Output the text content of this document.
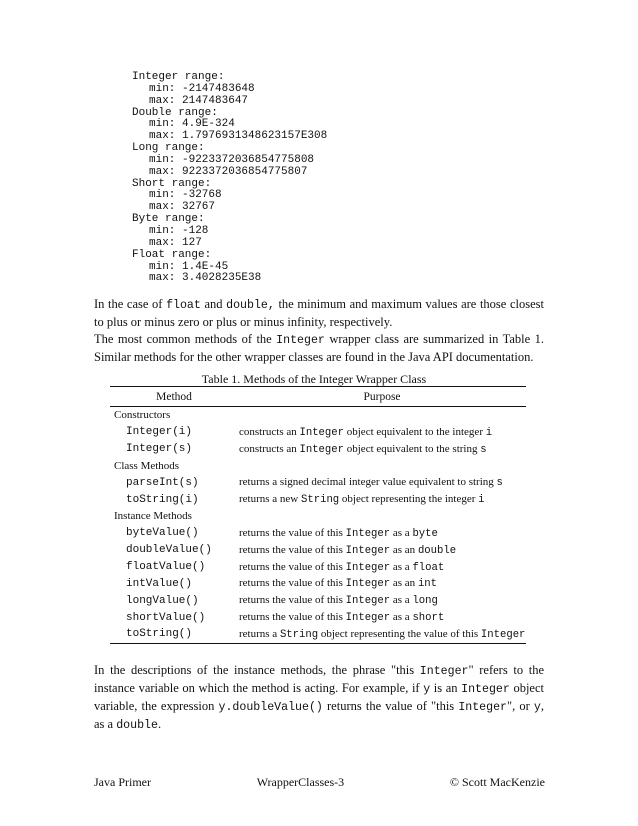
Integer range:
min: -2147483648
max: 2147483647
Double range:
min: 4.9E-324
max: 1.7976931348623157E308
Long range:
min: -9223372036854775808
max: 9223372036854775807
Short range:
min: -32768
max: 32767
Byte range:
min: -128
max: 127
Float range:
min: 1.4E-45
max: 3.4028235E38

In the case of float and double, the minimum and maximum values are those closest to plus or minus zero or plus or minus infinity, respectively.

The most common methods of the Integer wrapper class are summarized in Table 1. Similar methods for the other wrapper classes are found in the Java API documentation.

Table 1. Methods of the Integer Wrapper Class
Method	Purpose
Constructors
Integer(i)	constructs an Integer object equivalent to the integer i
Integer(s)	constructs an Integer object equivalent to the string s
Class Methods
parseInt(s)	returns a signed decimal integer value equivalent to string s
toString(i)	returns a new String object representing the integer i
Instance Methods
byteValue()	returns the value of this Integer as a byte
doubleValue()	returns the value of this Integer as an double
floatValue()	returns the value of this Integer as a float
intValue()	returns the value of this Integer as an int
longValue()	returns the value of this Integer as a long
shortValue()	returns the value of this Integer as a short
toString()	returns a String object representing the value of this Integer

In the descriptions of the instance methods, the phrase "this Integer" refers to the instance variable on which the method is acting. For example, if y is an Integer object variable, the expression y.doubleValue() returns the value of "this Integer", or y, as a double.

Java Primer	WrapperClasses-3	© Scott MacKenzie
